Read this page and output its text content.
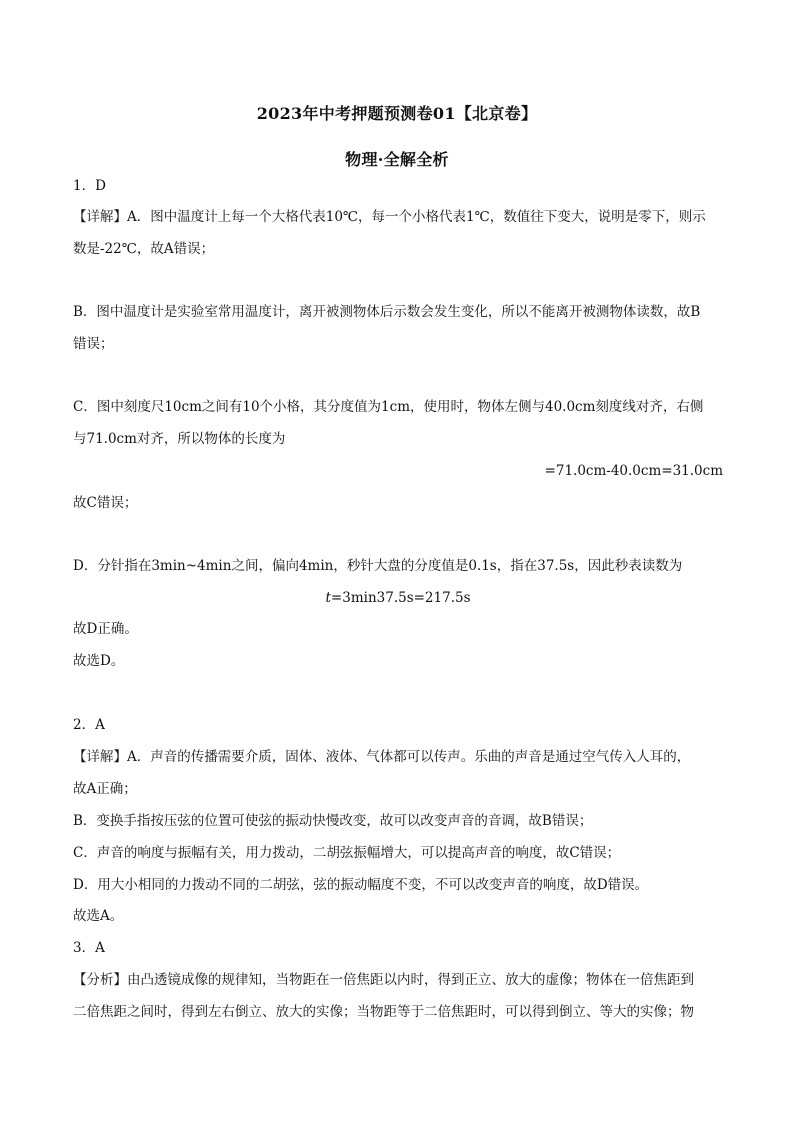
2023年中考押题预测卷01【北京卷】
物理·全解全析
1．D
【详解】A．图中温度计上每一个大格代表10℃，每一个小格代表1℃，数值往下变大，说明是零下，则示
数是-22℃，故A错误；
B．图中温度计是实验室常用温度计，离开被测物体后示数会发生变化，所以不能离开被测物体读数，故B
错误；
C．图中刻度尺10cm之间有10个小格，其分度值为1cm，使用时，物体左侧与40.0cm刻度线对齐，右侧
与71.0cm对齐，所以物体的长度为
=71.0cm-40.0cm=31.0cm
故C错误；
D．分针指在3min~4min之间，偏向4min，秒针大盘的分度值是0.1s，指在37.5s，因此秒表读数为
t=3min37.5s=217.5s
故D正确。
故选D。
2．A
【详解】A．声音的传播需要介质，固体、液体、气体都可以传声。乐曲的声音是通过空气传入人耳的，
故A正确；
B．变换手指按压弦的位置可使弦的振动快慢改变，故可以改变声音的音调，故B错误；
C．声音的响度与振幅有关，用力拨动，二胡弦振幅增大，可以提高声音的响度，故C错误；
D．用大小相同的力拨动不同的二胡弦，弦的振动幅度不变，不可以改变声音的响度，故D错误。
故选A。
3．A
【分析】由凸透镜成像的规律知，当物距在一倍焦距以内时，得到正立、放大的虚像；物体在一倍焦距到
二倍焦距之间时，得到左右倒立、放大的实像；当物距等于二倍焦距时，可以得到倒立、等大的实像；物
